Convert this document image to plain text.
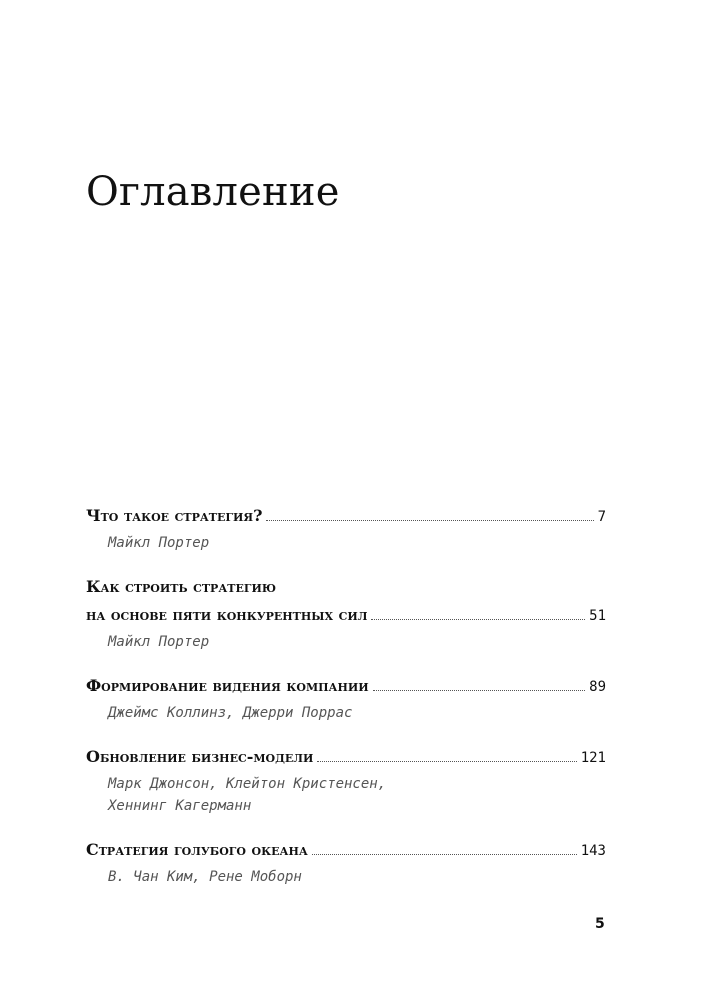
Оглавление
Что такое стратегия?	7
Майкл Портер
Как строить стратегию
на основе пяти конкурентных сил	51
Майкл Портер
Формирование видения компании	89
Джеймс Коллинз, Джерри Поррас
Обновление бизнес-модели	121
Марк Джонсон, Клейтон Кристенсен,
Хеннинг Кагерманн
Стратегия голубого океана	143
В. Чан Ким, Рене Моборн
5
